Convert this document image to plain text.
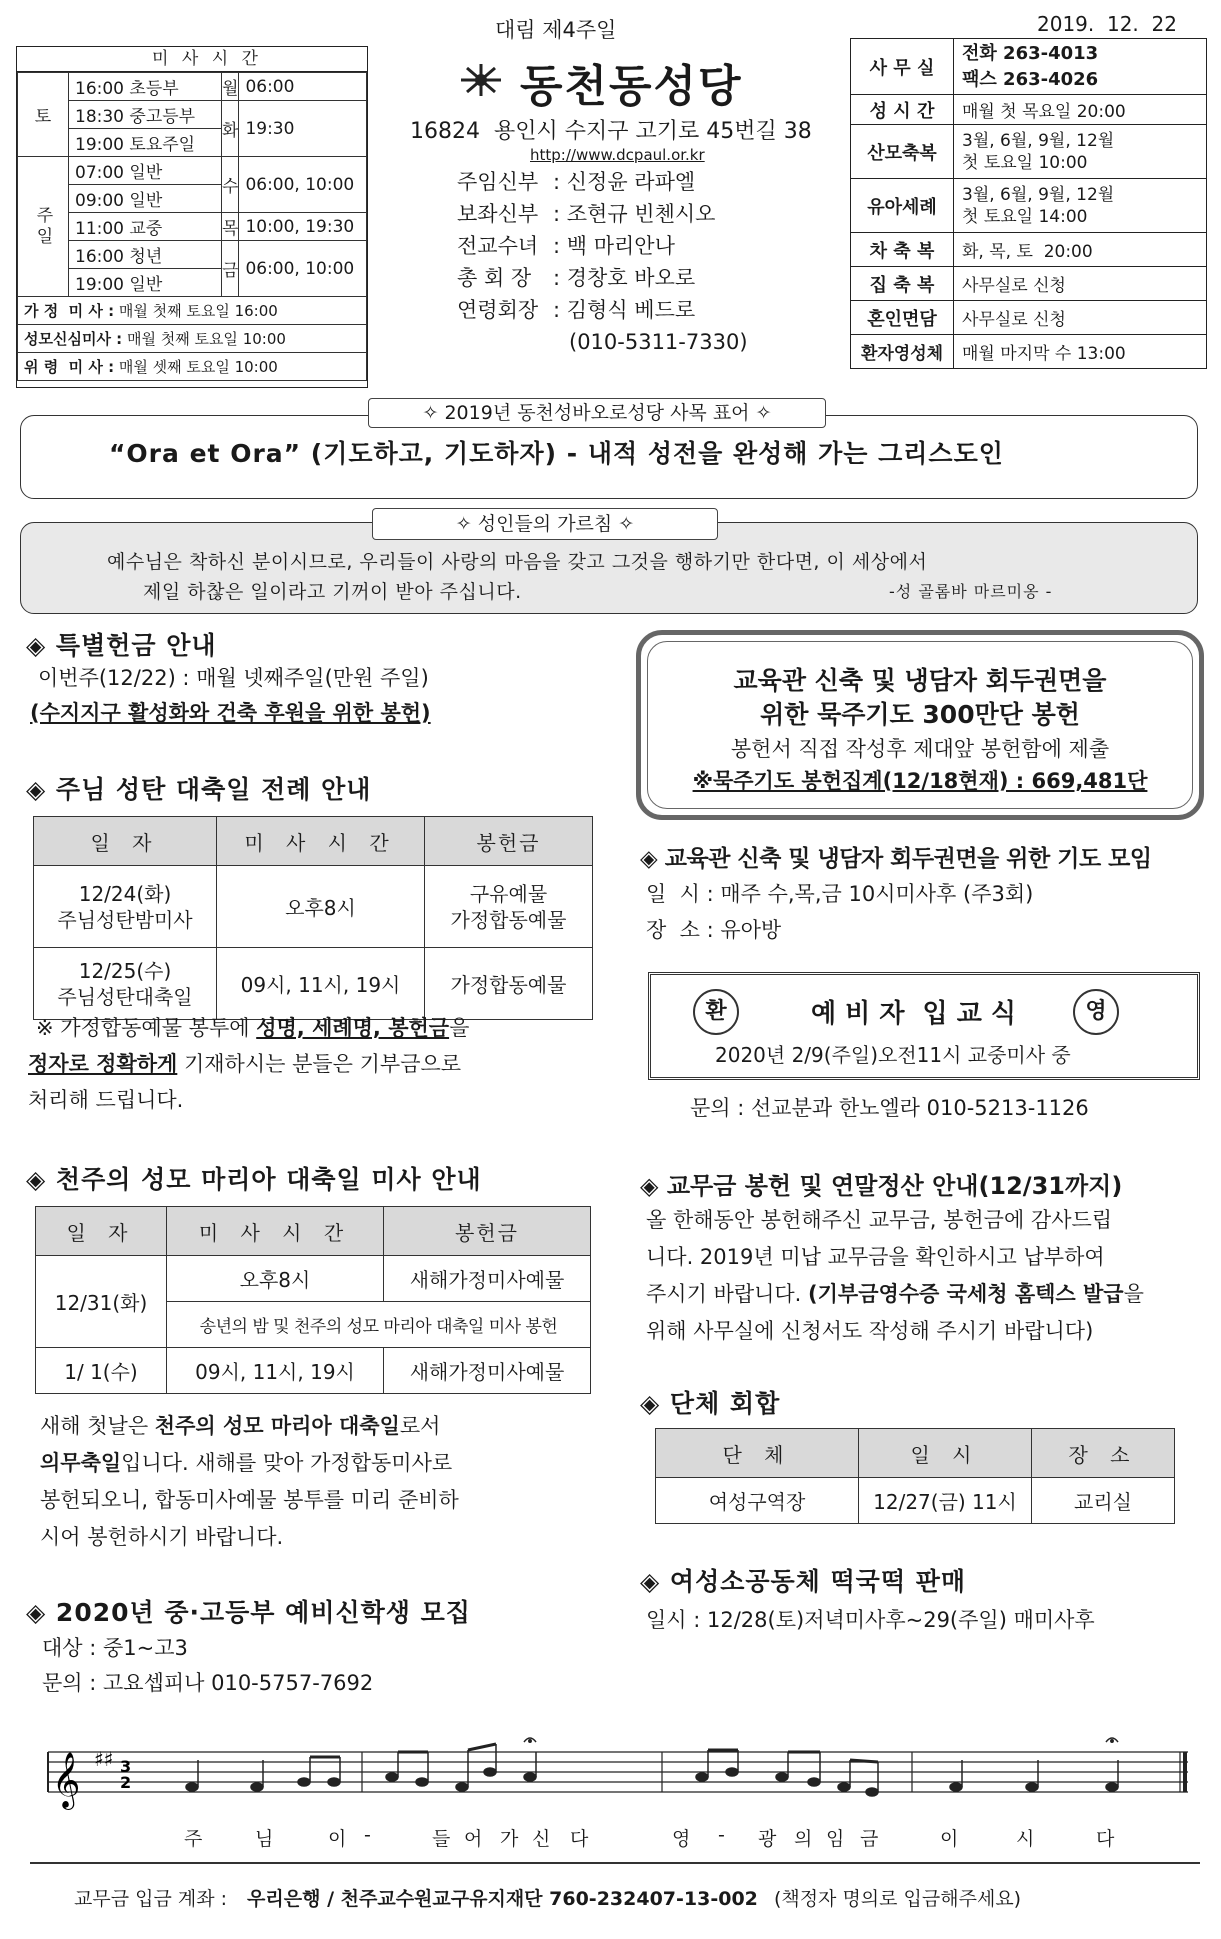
대림 제4주일	2019.  12.  22
미 사 시 간
토	16:00 초등부	월	06:00
	18:30 중고등부	화	19:30
	19:00 토요주일		
주일	07:00 일반	수	06:00, 10:00
	09:00 일반		
	11:00 교중	목	10:00, 19:30
	16:00 청년	금	06:00, 10:00
	19:00 일반		
가 정  미 사 : 매월 첫째 토요일 16:00			
성모신심미사 : 매월 첫째 토요일 10:00			
위 령  미 사 : 매월 셋째 토요일 10:00			
동천동성당
16824  용인시 수지구 고기로 45번길 38
http://www.dcpaul.or.kr
주임신부 : 신정윤 라파엘
보좌신부 : 조현규 빈첸시오
전교수녀 : 백 마리안나
총 회 장 : 경창호 바오로
연령회장 : 김형식 베드로
(010-5311-7330)
사 무 실	전화 263-4013
팩스 263-4026
성 시 간	매월 첫 목요일 20:00
산모축복	3월, 6월, 9월, 12월
첫 토요일 10:00
유아세례	3월, 6월, 9월, 12월
첫 토요일 14:00
차 축 복	화, 목, 토  20:00
집 축 복	사무실로 신청
혼인면담	사무실로 신청
환자영성체	매월 마지막 수 13:00
“Ora et Ora” (기도하고, 기도하자) - 내적 성전을 완성해 가는 그리스도인
✧ 2019년 동천성바오로성당 사목 표어 ✧
예수님은 착하신 분이시므로, 우리들이 사랑의 마음을 갖고 그것을 행하기만 한다면, 이 세상에서
제일 하찮은 일이라고 기꺼이 받아 주십니다.	-성 골롬바 마르미옹 -
✧ 성인들의 가르침 ✧
◈ 특별헌금 안내
이번주(12/22) : 매월 넷째주일(만원 주일)
(수지지구 활성화와 건축 후원을 위한 봉헌)
◈ 주님 성탄 대축일 전례 안내
일 자	미 사 시 간	봉헌금
12/24(화)
주님성탄밤미사	오후8시	구유예물
가정합동예물
12/25(수)
주님성탄대축일	09시, 11시, 19시	가정합동예물
※ 가정합동예물 봉투에 성명, 세례명, 봉헌금을
정자로 정확하게 기재하시는 분들은 기부금으로
처리해 드립니다.
◈ 천주의 성모 마리아 대축일 미사 안내
일 자	미 사 시 간	봉헌금
12/31(화)	오후8시	새해가정미사예물
	송년의 밤 및 천주의 성모 마리아 대축일 미사 봉헌	
1/ 1(수)	09시, 11시, 19시	새해가정미사예물
새해 첫날은 천주의 성모 마리아 대축일로서
의무축일입니다. 새해를 맞아 가정합동미사로
봉헌되오니, 합동미사예물 봉투를 미리 준비하
시어 봉헌하시기 바랍니다.
◈ 2020년 중·고등부 예비신학생 모집
대상 : 중1~고3
문의 : 고요셉피나 010-5757-7692
교육관 신축 및 냉담자 회두권면을
위한 묵주기도 300만단 봉헌
봉헌서 직접 작성후 제대앞 봉헌함에 제출
※묵주기도 봉헌집계(12/18현재) : 669,481단
◈ 교육관 신축 및 냉담자 회두권면을 위한 기도 모임
일  시 : 매주 수,목,금 10시미사후 (주3회)
장  소 : 유아방
환	영
예 비 자  입 교 식
2020년 2/9(주일)오전11시 교중미사 중
문의 : 선교분과 한노엘라 010-5213-1126
◈ 교무금 봉헌 및 연말정산 안내(12/31까지)
올 한해동안 봉헌해주신 교무금, 봉헌금에 감사드립
니다. 2019년 미납 교무금을 확인하시고 납부하여
주시기 바랍니다. (기부금영수증 국세청 홈텍스 발급을
위해 사무실에 신청서도 작성해 주시기 바랍니다)
◈ 단체 회합
단 체	일 시	장 소
여성구역장	12/27(금) 11시	교리실
◈ 여성소공동체 떡국떡 판매
일시 : 12/28(토)저녁미사후~29(주일) 매미사후
𝄞 ♯♯ 3
2
주	님	이 -	들 어 가 신 다	영 - 광 의 임 금	이	시	다
교무금 입금 계좌 : 우리은행 / 천주교수원교구유지재단 760-232407-13-002 (책정자 명의로 입금해주세요)
